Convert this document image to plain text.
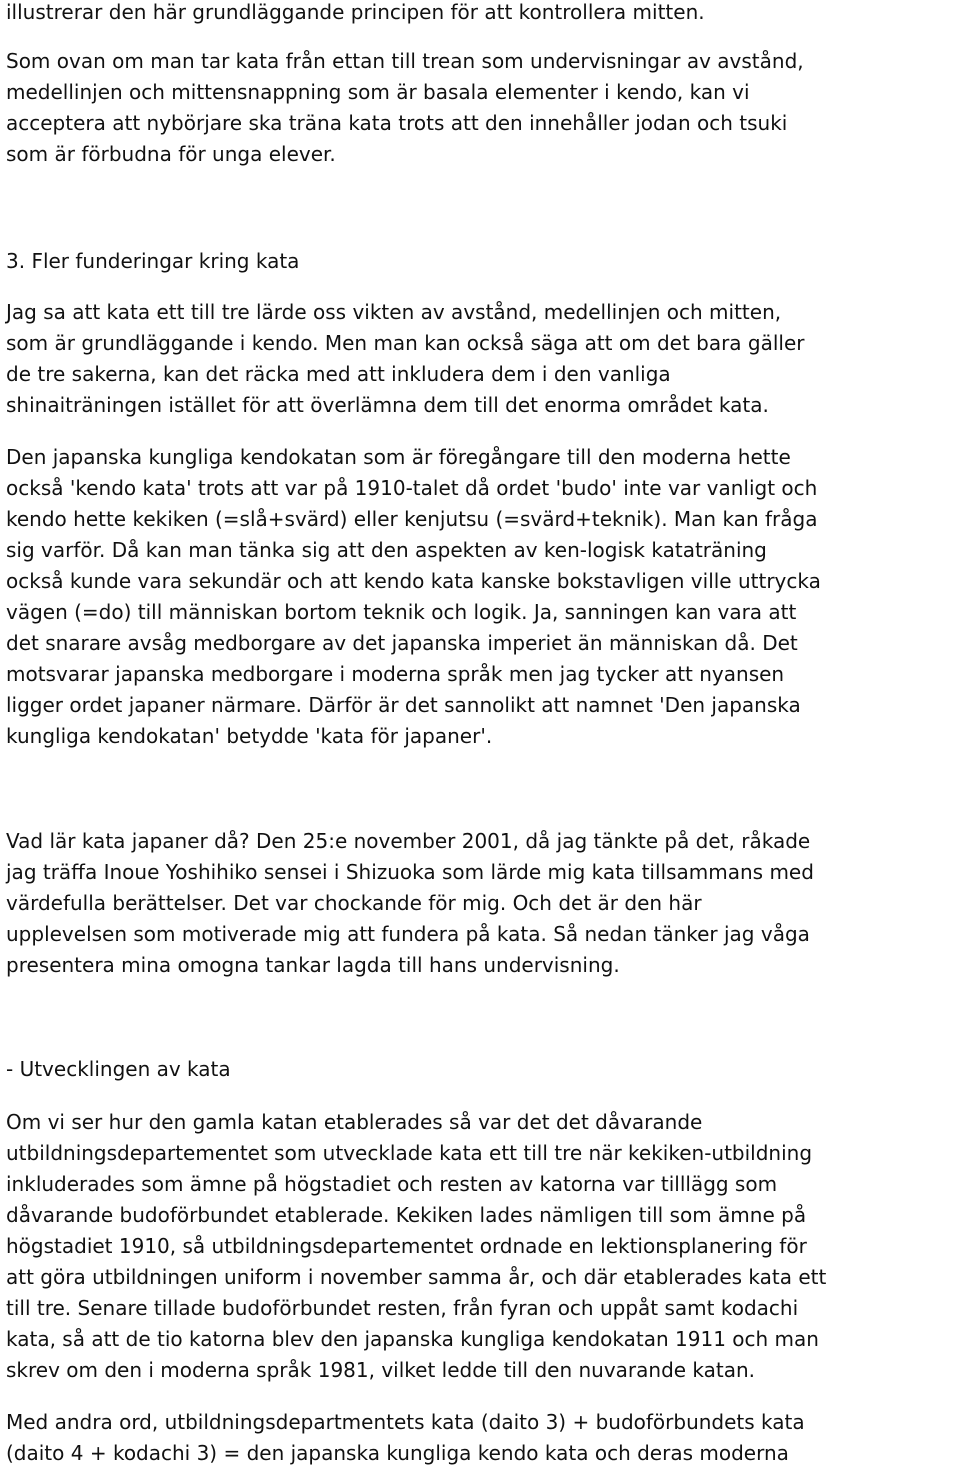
illustrerar den här grundläggande principen för att kontrollera mitten.

Som ovan om man tar kata från ettan till trean som undervisningar av avstånd,

medellinjen och mittensnappning som är basala elementer i kendo, kan vi

acceptera att nybörjare ska träna kata trots att den innehåller jodan och tsuki

som är förbudna för unga elever.

3. Fler funderingar kring kata

Jag sa att kata ett till tre lärde oss vikten av avstånd, medellinjen och mitten,

som är grundläggande i kendo. Men man kan också säga att om det bara gäller

de tre sakerna, kan det räcka med att inkludera dem i den vanliga

shinaiträningen istället för att överlämna dem till det enorma området kata.

Den japanska kungliga kendokatan som är föregångare till den moderna hette

också 'kendo kata' trots att var på 1910-talet då ordet 'budo' inte var vanligt och

kendo hette kekiken (=slå+svärd) eller kenjutsu (=svärd+teknik). Man kan fråga

sig varför. Då kan man tänka sig att den aspekten av ken-logisk kataträning

också kunde vara sekundär och att kendo kata kanske bokstavligen ville uttrycka

vägen (=do) till människan bortom teknik och logik. Ja, sanningen kan vara att

det snarare avsåg medborgare av det japanska imperiet än människan då. Det

motsvarar japanska medborgare i moderna språk men jag tycker att nyansen

ligger ordet japaner närmare. Därför är det sannolikt att namnet 'Den japanska

kungliga kendokatan' betydde 'kata för japaner'.

Vad lär kata japaner då? Den 25:e november 2001, då jag tänkte på det, råkade

jag träffa Inoue Yoshihiko sensei i Shizuoka som lärde mig kata tillsammans med

värdefulla berättelser. Det var chockande för mig. Och det är den här

upplevelsen som motiverade mig att fundera på kata. Så nedan tänker jag våga

presentera mina omogna tankar lagda till hans undervisning.

- Utvecklingen av kata

Om vi ser hur den gamla katan etablerades så var det det dåvarande

utbildningsdepartementet som utvecklade kata ett till tre när kekiken-utbildning

inkluderades som ämne på högstadiet och resten av katorna var tilllägg som

dåvarande budoförbundet etablerade. Kekiken lades nämligen till som ämne på

högstadiet 1910, så utbildningsdepartementet ordnade en lektionsplanering för

att göra utbildningen uniform i november samma år, och där etablerades kata ett

till tre. Senare tillade budoförbundet resten, från fyran och uppåt samt kodachi

kata, så att de tio katorna blev den japanska kungliga kendokatan 1911 och man

skrev om den i moderna språk 1981, vilket ledde till den nuvarande katan.

Med andra ord, utbildningsdepartmentets kata (daito 3) + budoförbundets kata

(daito 4 + kodachi 3) = den japanska kungliga kendo kata och deras moderna
